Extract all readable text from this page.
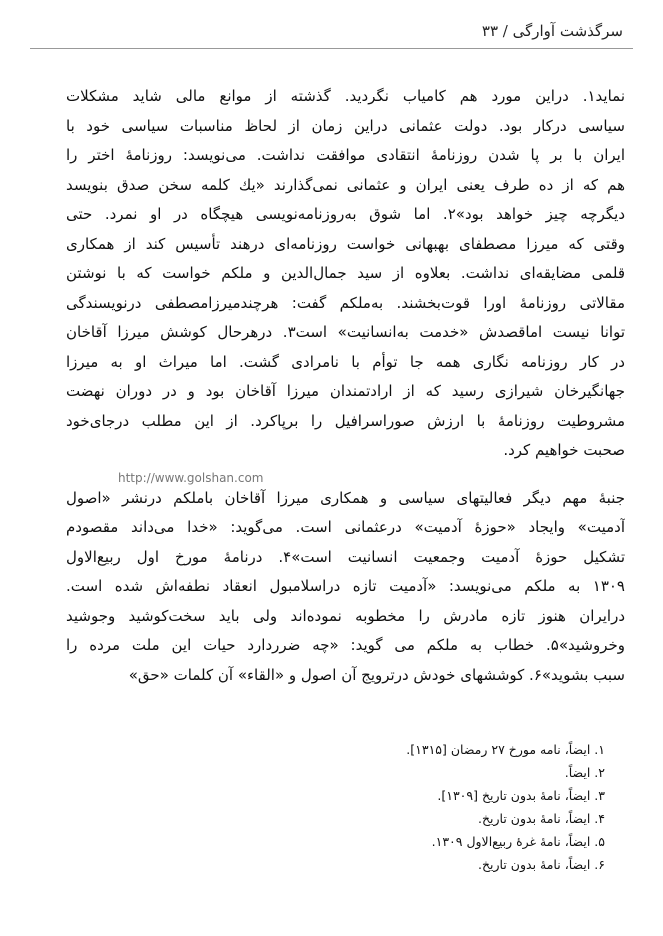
سرگذشت آوارگی / ۳۳
نماید۱. دراین مورد هم کامیاب نگردید. گذشته از موانع مالی شاید مشکلات
سیاسی درکار بود. دولت عثمانی دراین زمان از لحاظ مناسبات سیاسی خود با
ایران با بر پا شدن روزنامهٔ انتقادی موافقت نداشت. می‌نویسد: روزنامهٔ اختر را
هم که از ده طرف یعنی ایران و عثمانی نمی‌گذارند «یك کلمه سخن صدق بنویسد
دیگرچه چیز خواهد بود»۲. اما شوق به‌روزنامه‌نویسی هیچگاه در او نمرد. حتی
وقتی که میرزا مصطفای بهبهانی خواست روزنامه‌ای درهند تأسیس کند از همکاری
قلمی مضایقه‌ای نداشت. بعلاوه از سید جمال‌الدین و ملکم خواست که با نوشتن
مقالاتی روزنامهٔ اورا قوت‌بخشند. به‌ملکم گفت: هرچندمیرزامصطفی درنویسندگی
توانا نیست اما‌قصدش «خدمت به‌انسانیت» است۳. درهرحال کوشش میرزا آقاخان
در کار روزنامه نگاری همه جا توأم با نامرادی گشت. اما میراث او به میرزا
جهانگیرخان شیرازی رسید که از ارادتمندان میرزا آقاخان بود و در دوران نهضت
مشروطیت روزنامهٔ با ارزش صوراسرافیل را برپاکرد. از این مطلب درجای‌خود
صحبت خواهیم کرد.
جنبهٔ مهم دیگر فعالیتهای سیاسی و همکاری میرزا آقاخان باملکم درنشر «اصول
آدمیت» وایجاد «حوزهٔ آدمیت» درعثمانی است. می‌گوید: «خدا می‌داند مقصودم
تشکیل حوزهٔ آدمیت وجمعیت انسانیت است»۴. درنامهٔ مورخ اول ربیع‌الاول
۱۳۰۹ به ملکم می‌نویسد: «آدمیت تازه دراسلامبول انعقاد نطفه‌اش شده است.
درایران هنوز تازه مادرش را مخطوبه نموده‌اند ولی باید سخت‌کوشید وجوشید
وخروشید»۵. خطاب به ملکم می گوید: «چه ضرردارد حیات این ملت مرده را
سبب بشوید»۶. کوششهای خودش درترویج آن اصول و «القاء» آن کلمات «حق»
http://www.golshan.com
۱. ایضاً، نامه مورخ ۲۷ رمضان [۱۳۱۵].
۲. ایضاً.
۳. ایضاً، نامهٔ بدون تاریخ [۱۳۰۹].
۴. ایضاً، نامهٔ بدون تاریخ.
۵. ایضاً، نامهٔ غرهٔ ربیع‌الاول ۱۳۰۹.
۶. ایضاً، نامهٔ بدون تاریخ.
